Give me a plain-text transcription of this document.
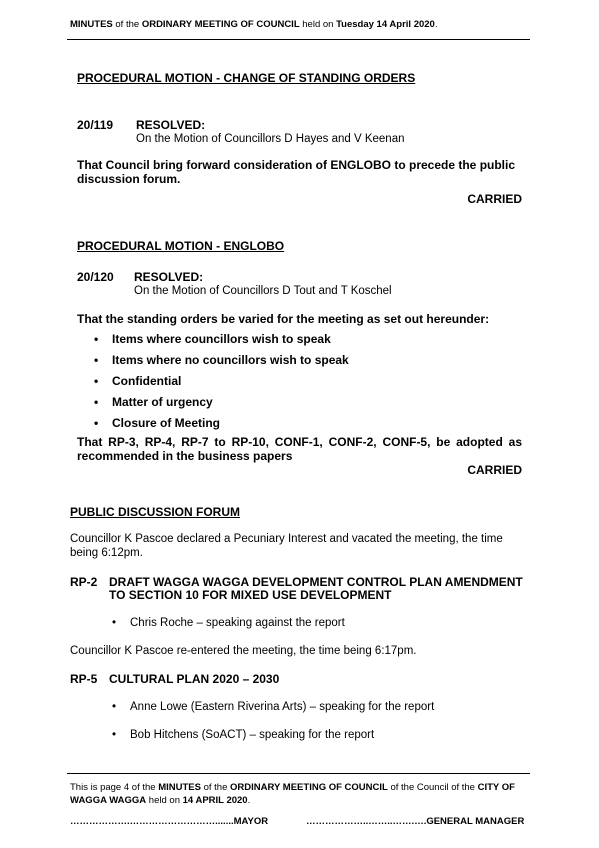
MINUTES of the ORDINARY MEETING OF COUNCIL held on Tuesday 14 April 2020.
PROCEDURAL MOTION - CHANGE OF STANDING ORDERS
20/119 RESOLVED:
On the Motion of Councillors D Hayes and V Keenan
That Council bring forward consideration of ENGLOBO to precede the public
discussion forum.
CARRIED
PROCEDURAL MOTION - ENGLOBO
20/120 RESOLVED:
On the Motion of Councillors D Tout and T Koschel
That the standing orders be varied for the meeting as set out hereunder:
• Items where councillors wish to speak
• Items where no councillors wish to speak
• Confidential
• Matter of urgency
• Closure of Meeting
That RP-3, RP-4, RP-7 to RP-10, CONF-1, CONF-2, CONF-5, be adopted as
recommended in the business papers
CARRIED
PUBLIC DISCUSSION FORUM
Councillor K Pascoe declared a Pecuniary Interest and vacated the meeting, the time
being 6:12pm.
RP-2 DRAFT WAGGA WAGGA DEVELOPMENT CONTROL PLAN AMENDMENT
TO SECTION 10 FOR MIXED USE DEVELOPMENT
• Chris Roche – speaking against the report
Councillor K Pascoe re-entered the meeting, the time being 6:17pm.
RP-5 CULTURAL PLAN 2020 – 2030
• Anne Lowe (Eastern Riverina Arts) – speaking for the report
• Bob Hitchens (SoACT) – speaking for the report
This is page 4 of the MINUTES of the ORDINARY MEETING OF COUNCIL of the Council of the CITY OF WAGGA WAGGA held on 14 APRIL 2020.
……………….……………………….......MAYOR	………………..……..…….….GENERAL MANAGER
